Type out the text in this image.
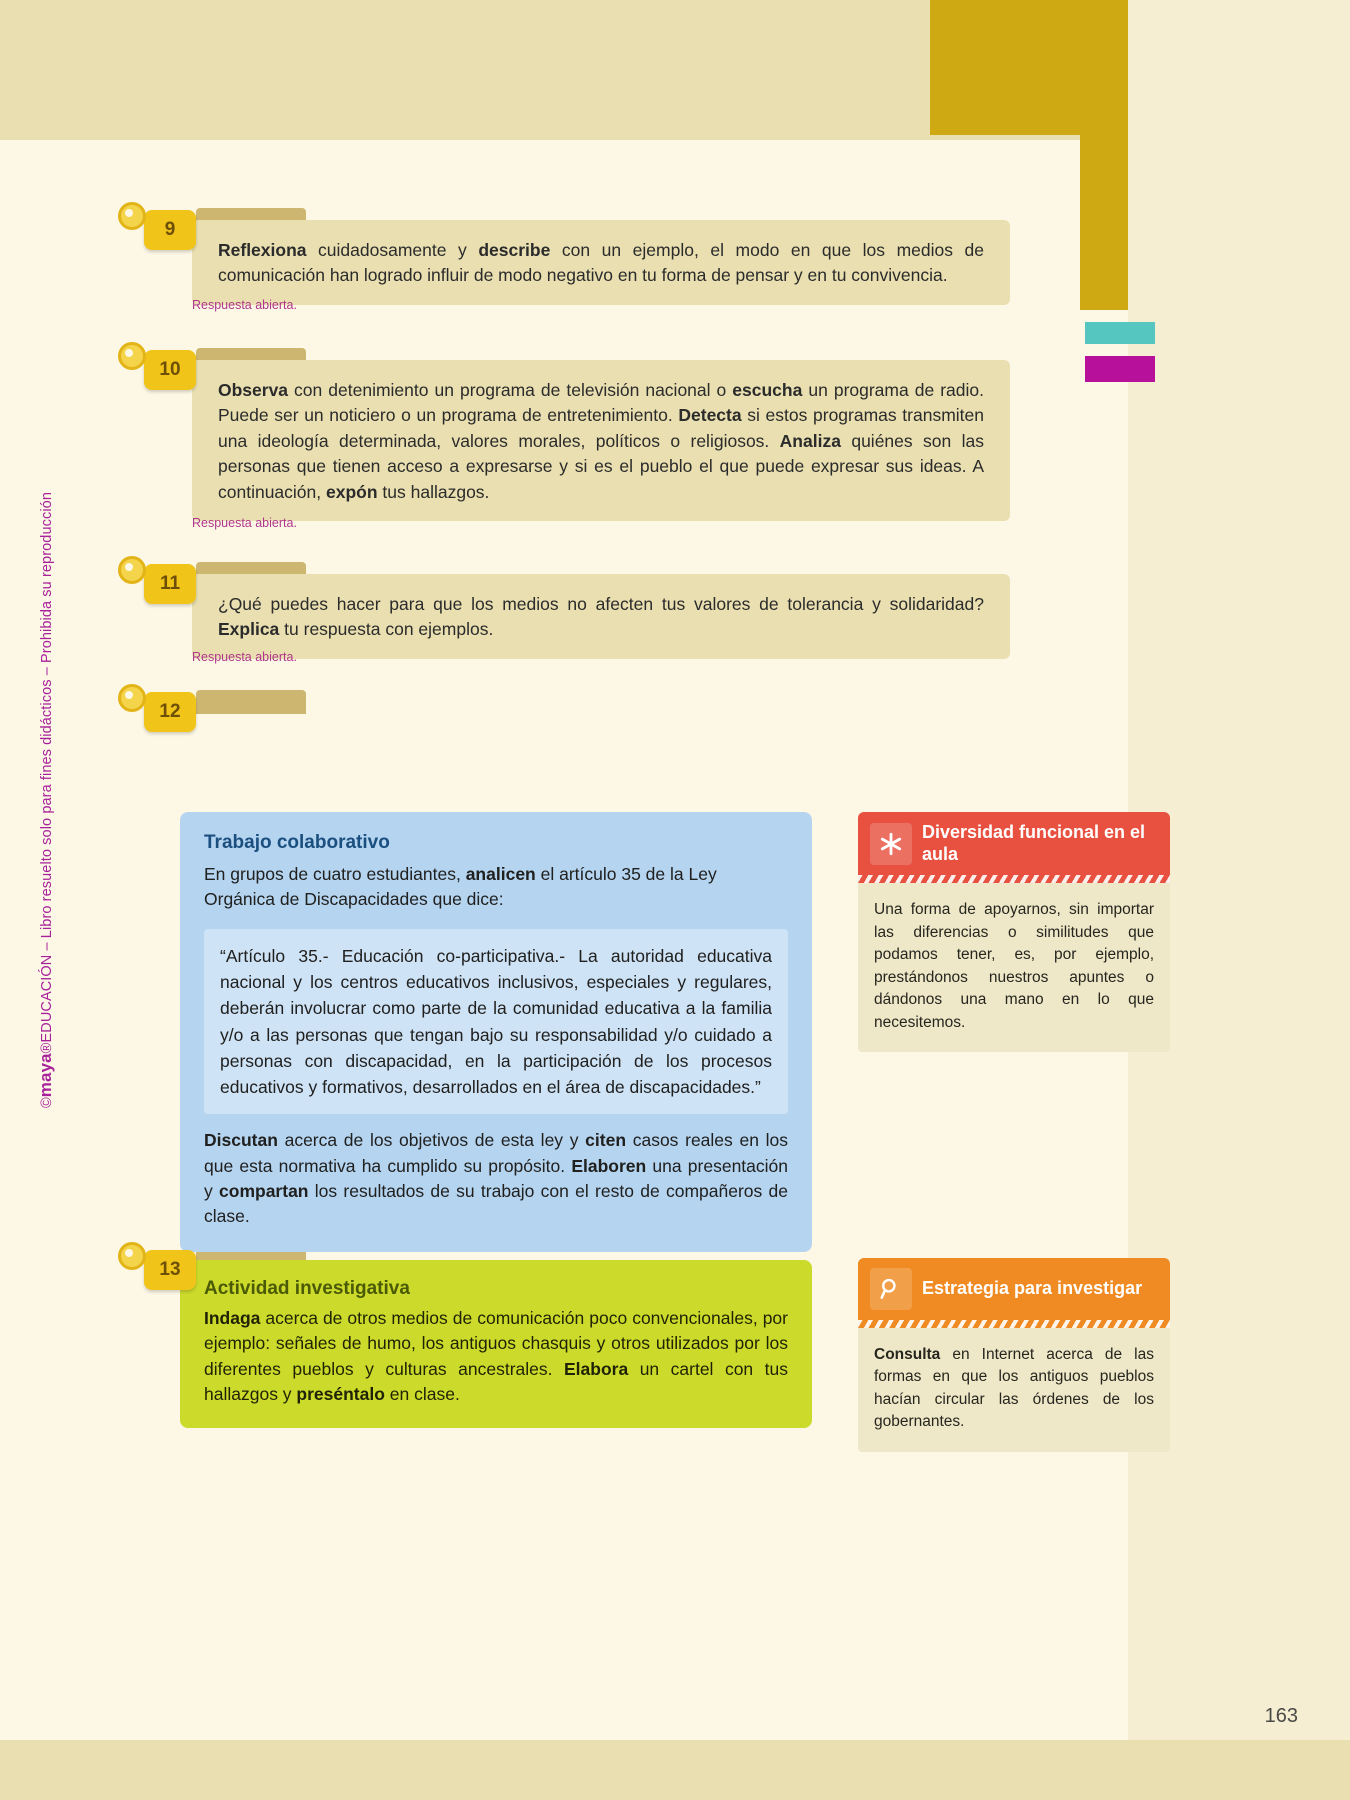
©maya®EDUCACIÓN – Libro resuelto solo para fines didácticos – Prohibida su reproducción
9
Reflexiona cuidadosamente y describe con un ejemplo, el modo en que los medios de comunicación han logrado influir de modo negativo en tu forma de pensar y en tu convivencia.
Respuesta abierta.
10
Observa con detenimiento un programa de televisión nacional o escucha un programa de radio. Puede ser un noticiero o un programa de entretenimiento. Detecta si estos programas transmiten una ideología determinada, valores morales, políticos o religiosos. Analiza quiénes son las personas que tienen acceso a expresarse y si es el pueblo el que puede expresar sus ideas. A continuación, expón tus hallazgos.
Respuesta abierta.
11
¿Qué puedes hacer para que los medios no afecten tus valores de tolerancia y solidaridad? Explica tu respuesta con ejemplos.
Respuesta abierta.
12
Trabajo colaborativo
En grupos de cuatro estudiantes, analicen el artículo 35 de la Ley Orgánica de Discapacidades que dice:
“Artículo 35.- Educación co-participativa.- La autoridad educativa nacional y los centros educativos inclusivos, especiales y regulares, deberán involucrar como parte de la comunidad educativa a la familia y/o a las personas que tengan bajo su responsabilidad y/o cuidado a personas con discapacidad, en la participación de los procesos educativos y formativos, desarrollados en el área de discapacidades.”
Discutan acerca de los objetivos de esta ley y citen casos reales en los que esta normativa ha cumplido su propósito. Elaboren una presentación y compartan los resultados de su trabajo con el resto de compañeros de clase.
Diversidad funcional en el aula
Una forma de apoyarnos, sin importar las diferencias o similitudes que podamos tener, es, por ejemplo, prestándonos nuestros apuntes o dándonos una mano en lo que necesitemos.
13
Actividad investigativa
Indaga acerca de otros medios de comunicación poco convencionales, por ejemplo: señales de humo, los antiguos chasquis y otros utilizados por los diferentes pueblos y culturas ancestrales. Elabora un cartel con tus hallazgos y preséntalo en clase.
Estrategia para investigar
Consulta en Internet acerca de las formas en que los antiguos pueblos hacían circular las órdenes de los gobernantes.
163
